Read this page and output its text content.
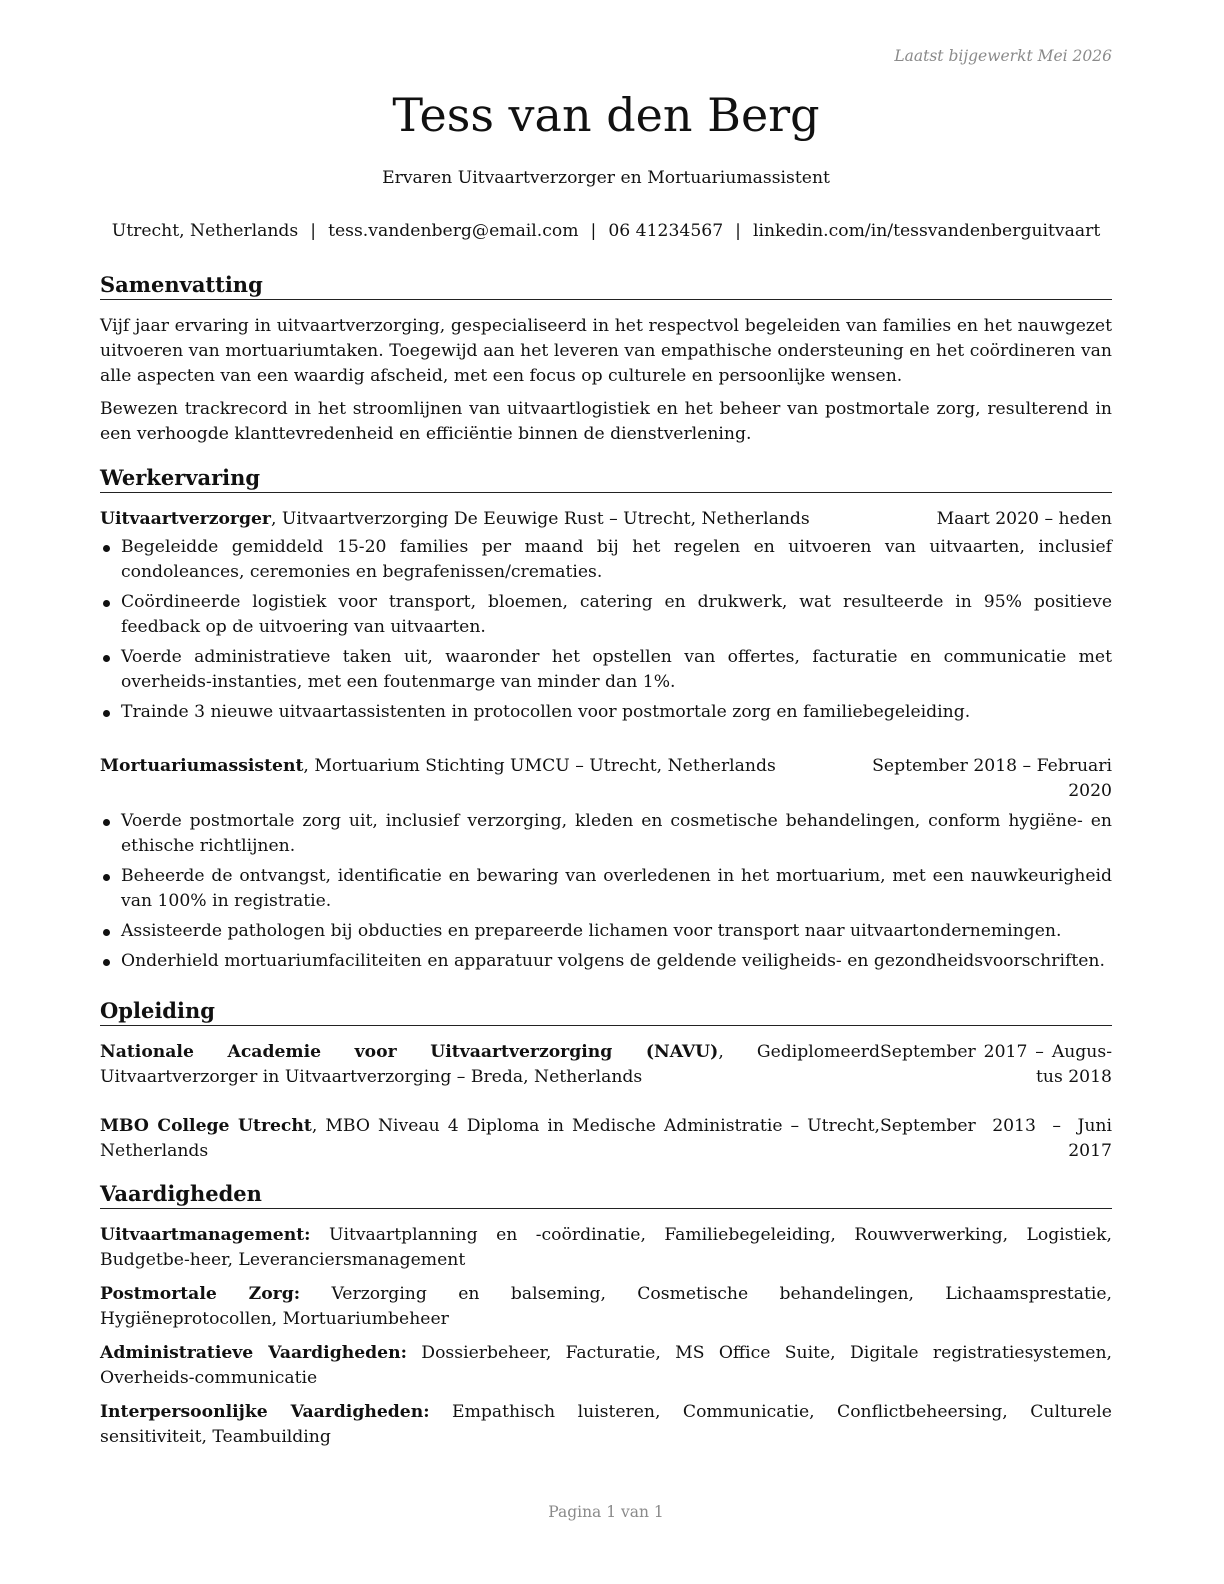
Laatst bijgewerkt Mei 2026
Tess van den Berg
Ervaren Uitvaartverzorger en Mortuariumassistent
Utrecht, Netherlands | tess.vandenberg@email.com | 06 41234567 | linkedin.com/in/tessvandenberguitvaart
Samenvatting

Vijf jaar ervaring in uitvaartverzorging, gespecialiseerd in het respectvol begeleiden van families en het nauwgezet uitvoeren van mortuariumtaken. Toegewijd aan het leveren van empathische ondersteuning en het coördineren van alle aspecten van een waardig afscheid, met een focus op culturele en persoonlijke wensen.

Bewezen trackrecord in het stroomlijnen van uitvaartlogistiek en het beheer van postmortale zorg, resulterend in een verhoogde klanttevredenheid en efficiëntie binnen de dienstverlening.

Werkervaring
Uitvaartverzorger, Uitvaartverzorging De Eeuwige Rust – Utrecht, Netherlands	Maart 2020 – heden
Begeleidde gemiddeld 15-20 families per maand bij het regelen en uitvoeren van uitvaarten, inclusief condoleances, ceremonies en begrafenissen/crematies.
Coördineerde logistiek voor transport, bloemen, catering en drukwerk, wat resulteerde in 95% positieve feedback op de uitvoering van uitvaarten.
Voerde administratieve taken uit, waaronder het opstellen van offertes, facturatie en communicatie met overheids-instanties, met een foutenmarge van minder dan 1%.
Trainde 3 nieuwe uitvaartassistenten in protocollen voor postmortale zorg en familiebegeleiding.
Mortuariumassistent, Mortuarium Stichting UMCU – Utrecht, Netherlands	September 2018 – Februari 2020
Voerde postmortale zorg uit, inclusief verzorging, kleden en cosmetische behandelingen, conform hygiëne- en ethische richtlijnen.
Beheerde de ontvangst, identificatie en bewaring van overledenen in het mortuarium, met een nauwkeurigheid van 100% in registratie.
Assisteerde pathologen bij obducties en prepareerde lichamen voor transport naar uitvaartondernemingen.
Onderhield mortuariumfaciliteiten en apparatuur volgens de geldende veiligheids- en gezondheidsvoorschriften.
Opleiding
Nationale Academie voor Uitvaartverzorging (NAVU), Gediplomeerd Uitvaartverzorger in Uitvaartverzorging – Breda, Netherlands
September 2017 – Augus-tus 2018
MBO College Utrecht, MBO Niveau 4 Diploma in Medische Administratie – Utrecht, Netherlands
September 2013 – Juni 2017
Vaardigheden
Uitvaartmanagement: Uitvaartplanning en -coördinatie, Familiebegeleiding, Rouwverwerking, Logistiek, Budgetbe-heer, Leveranciersmanagement
Postmortale Zorg: Verzorging en balseming, Cosmetische behandelingen, Lichaamsprestatie, Hygiëneprotocollen, Mortuariumbeheer
Administratieve Vaardigheden: Dossierbeheer, Facturatie, MS Office Suite, Digitale registratiesystemen, Overheids-communicatie
Interpersoonlijke Vaardigheden: Empathisch luisteren, Communicatie, Conflictbeheersing, Culturele sensitiviteit, Teambuilding
Pagina 1 van 1
